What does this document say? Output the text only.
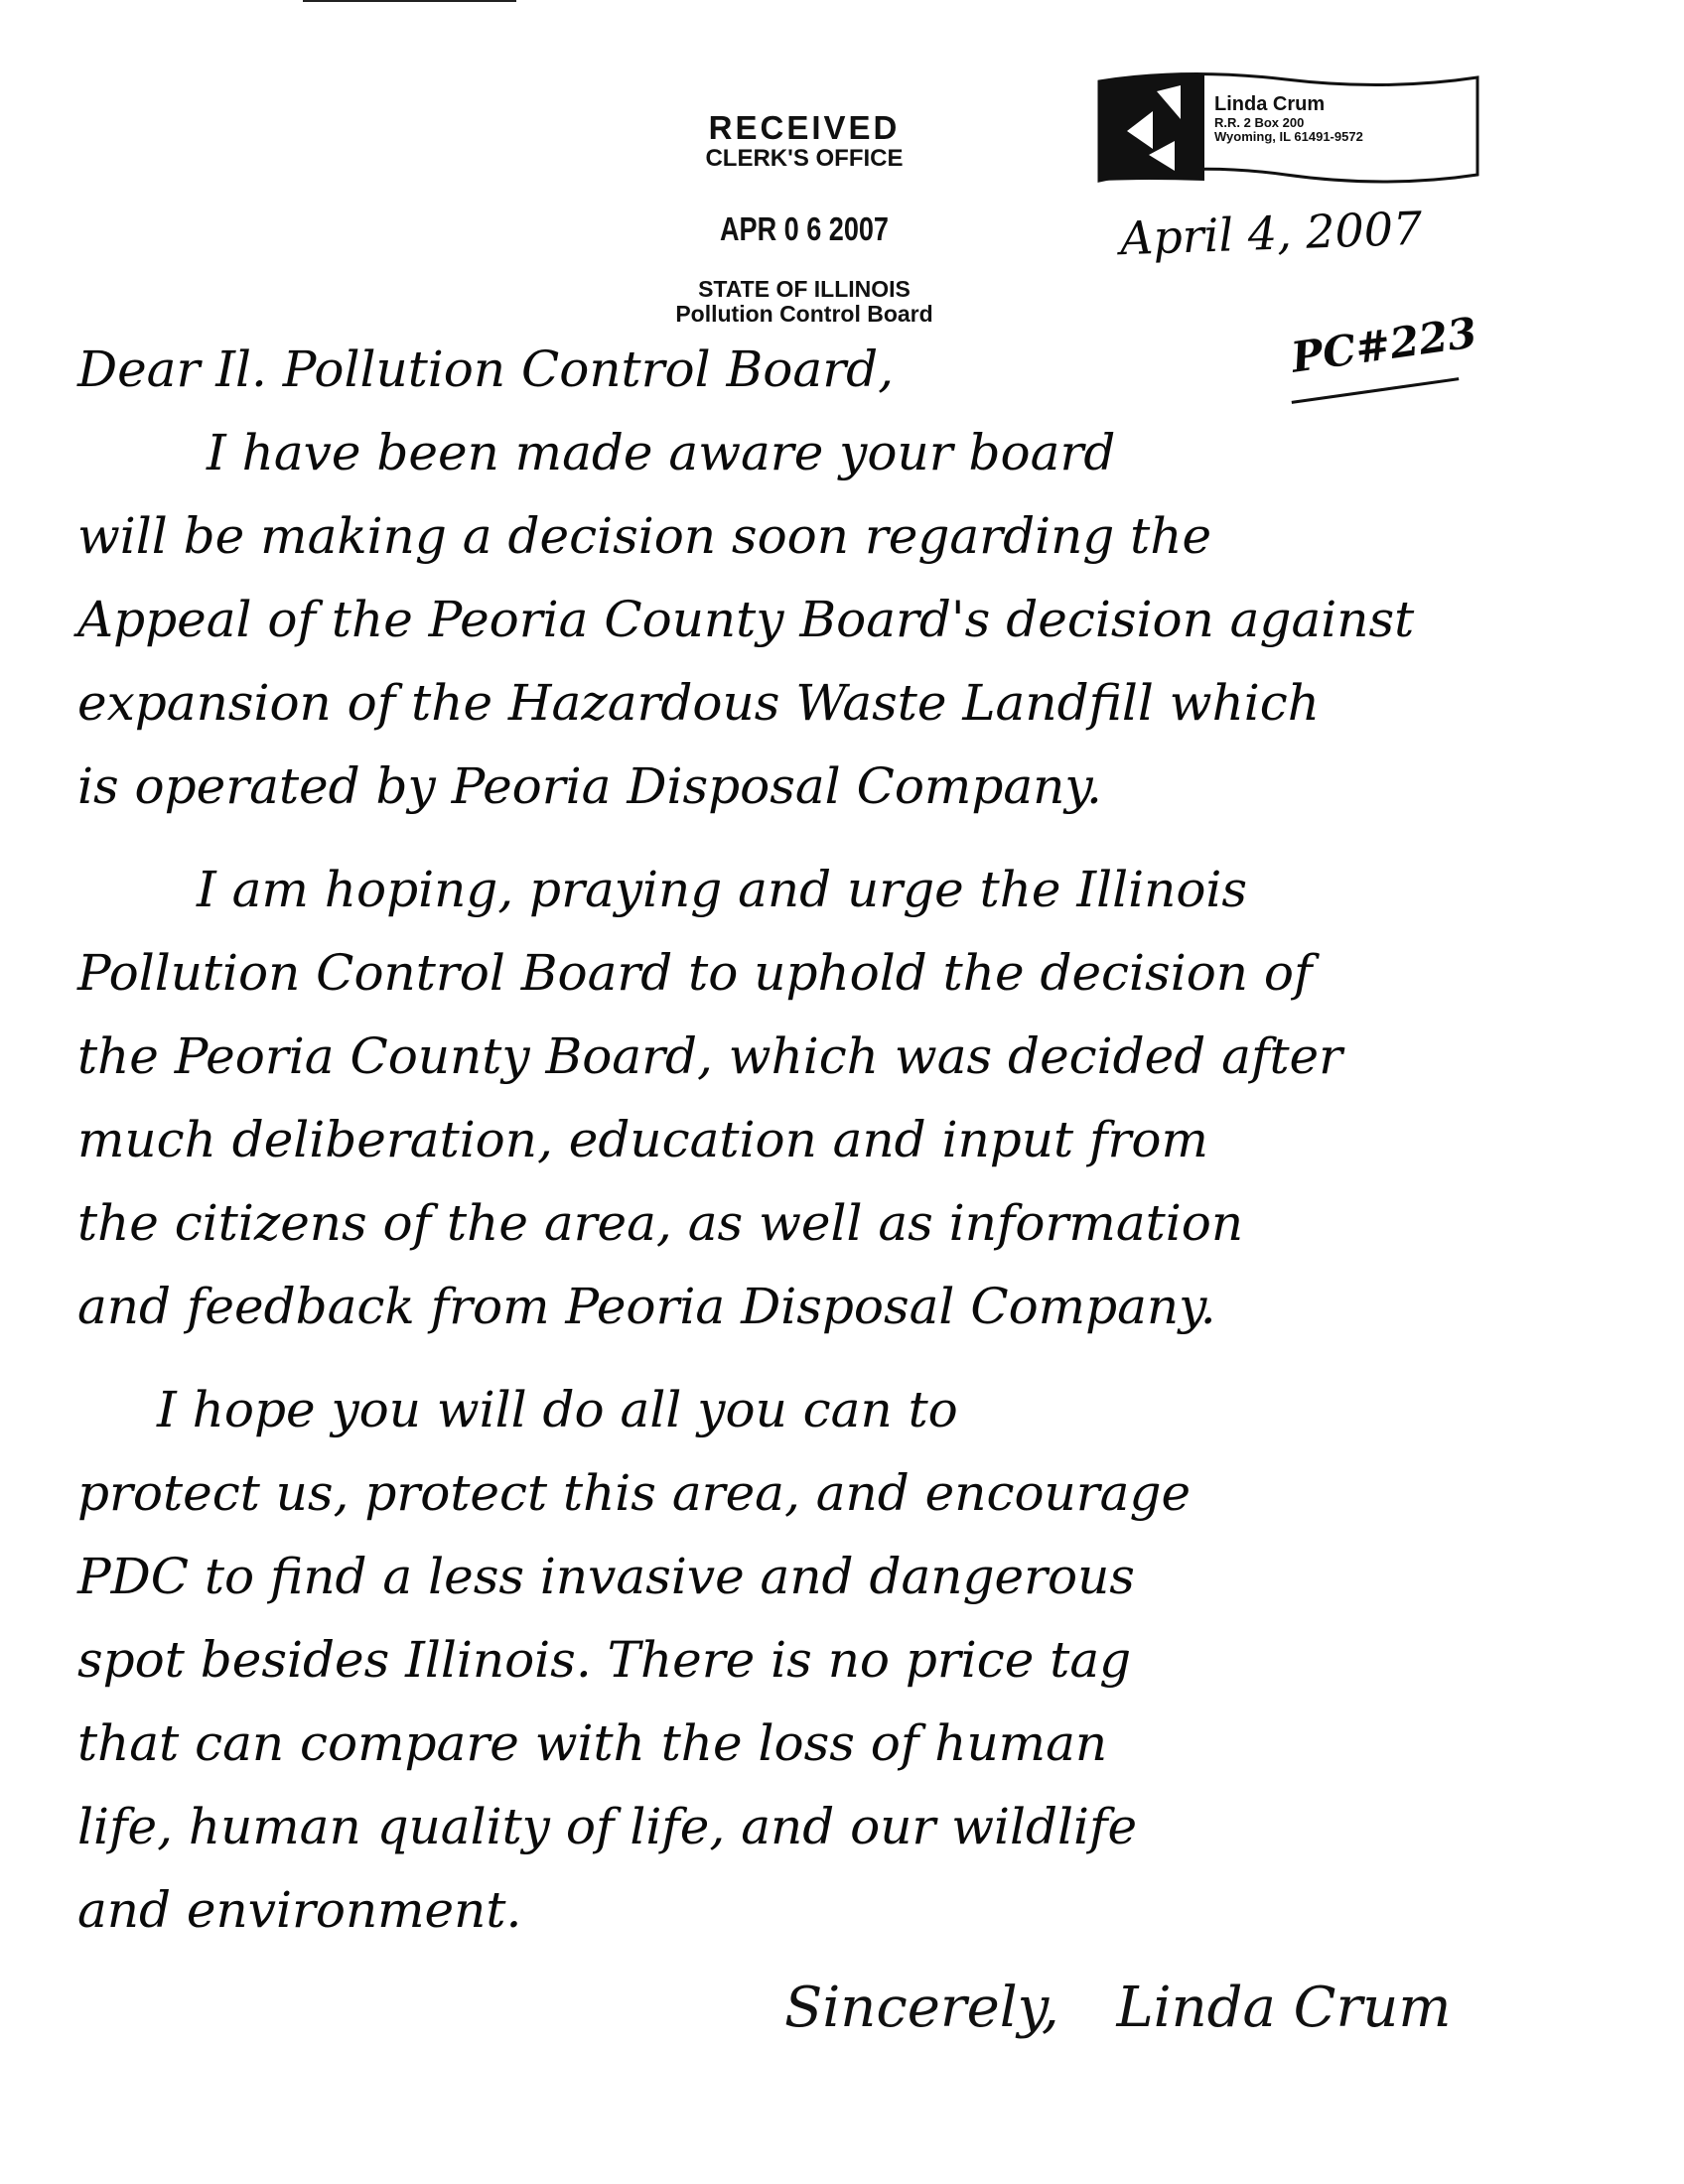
RECEIVED
CLERK'S OFFICE
APR 0 6 2007
STATE OF ILLINOIS
Pollution Control Board
Linda Crum
R.R. 2 Box 200
Wyoming, IL 61491-9572
April 4, 2007
PC#223
Dear Il. Pollution Control Board,
I have been made aware your board
will be making a decision soon regarding the
Appeal of the Peoria County Board's decision against
expansion of the Hazardous Waste Landfill which
is operated by Peoria Disposal Company.
I am hoping, praying and urge the Illinois
Pollution Control Board to uphold the decision of
the Peoria County Board, which was decided after
much deliberation, education and input from
the citizens of the area, as well as information
and feedback from Peoria Disposal Company.
I hope you will do all you can to
protect us, protect this area, and encourage
PDC to find a less invasive and dangerous
spot besides Illinois. There is no price tag
that can compare with the loss of human
life, human quality of life, and our wildlife
and environment.
Sincerely, Linda Crum
